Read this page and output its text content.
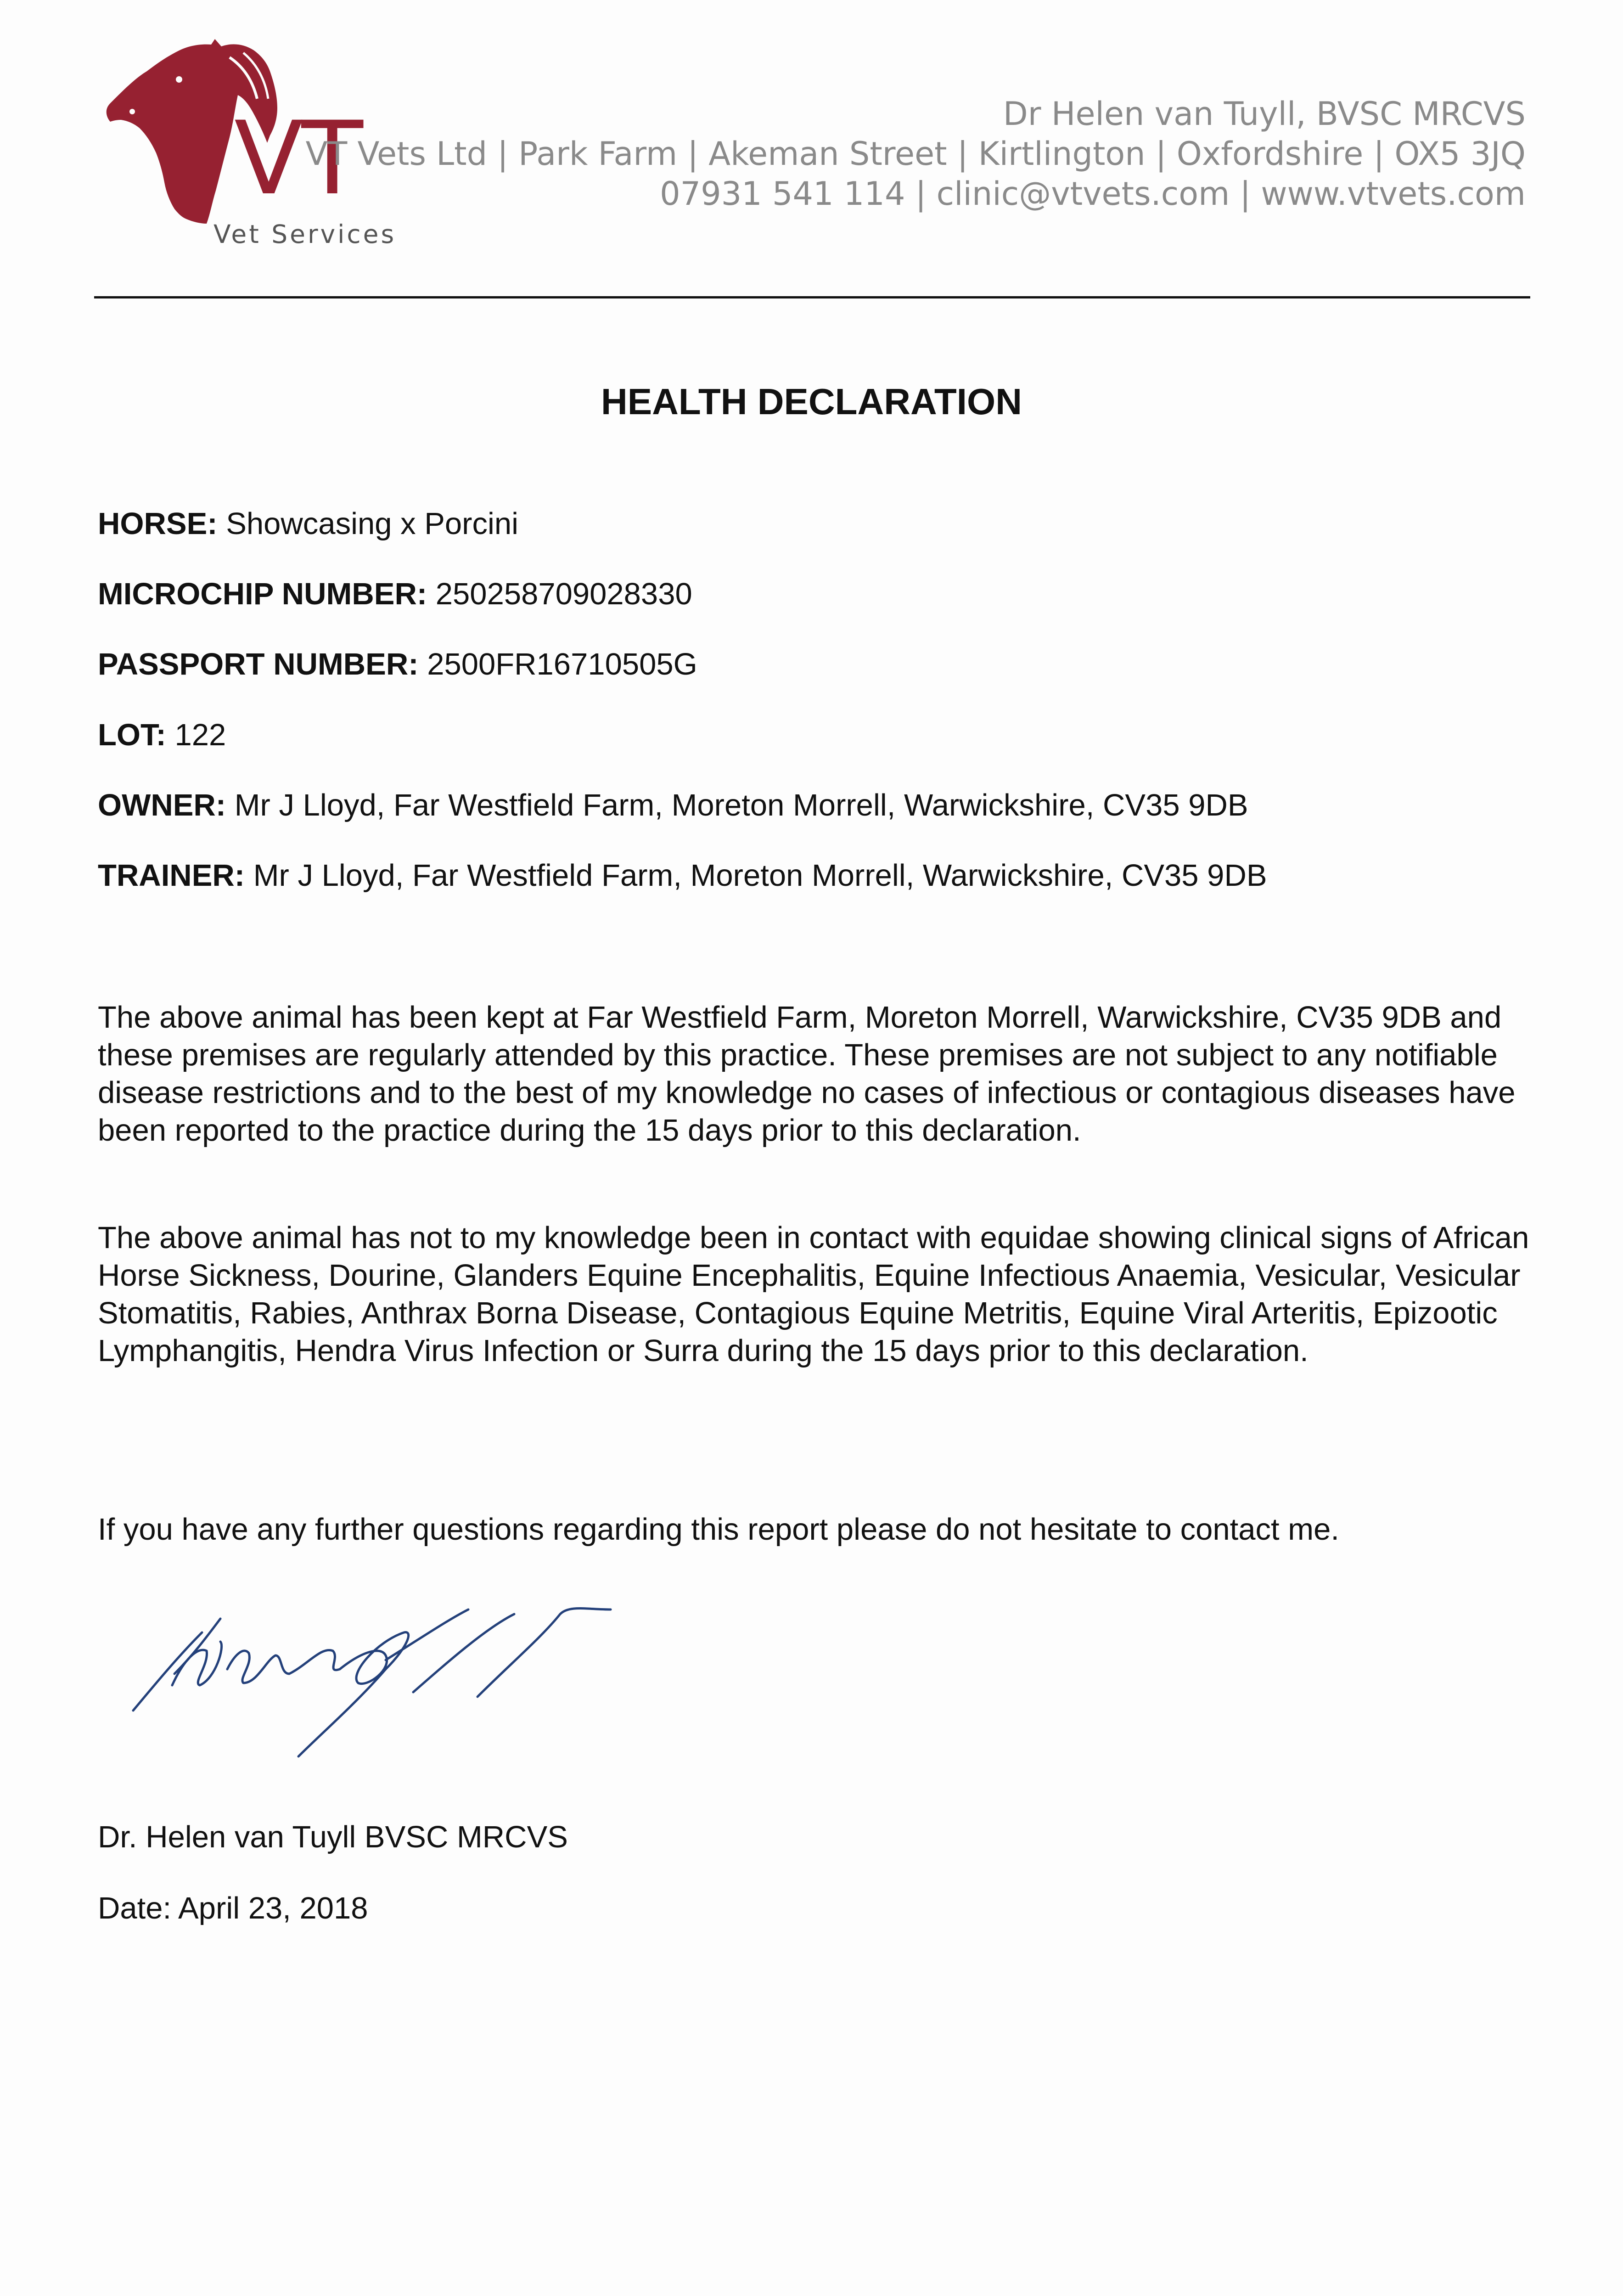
VT
Vet Services
Dr Helen van Tuyll, BVSC MRCVS
VT Vets Ltd | Park Farm | Akeman Street | Kirtlington | Oxfordshire | OX5 3JQ
07931 541 114 | clinic@vtvets.com | www.vtvets.com
HEALTH DECLARATION
HORSE: Showcasing x Porcini
MICROCHIP NUMBER: 250258709028330
PASSPORT NUMBER: 2500FR16710505G
LOT: 122
OWNER: Mr J Lloyd, Far Westfield Farm, Moreton Morrell, Warwickshire, CV35 9DB
TRAINER: Mr J Lloyd, Far Westfield Farm, Moreton Morrell, Warwickshire, CV35 9DB
The above animal has been kept at Far Westfield Farm, Moreton Morrell, Warwickshire, CV35 9DB and these premises are regularly attended by this practice. These premises are not subject to any notifiable disease restrictions and to the best of my knowledge no cases of infectious or contagious diseases have been reported to the practice during the 15 days prior to this declaration.
The above animal has not to my knowledge been in contact with equidae showing clinical signs of African Horse Sickness, Dourine, Glanders Equine Encephalitis, Equine Infectious Anaemia, Vesicular, Vesicular Stomatitis, Rabies, Anthrax Borna Disease, Contagious Equine Metritis, Equine Viral Arteritis, Epizootic Lymphangitis, Hendra Virus Infection or Surra during the 15 days prior to this declaration.
If you have any further questions regarding this report please do not hesitate to contact me.
Dr. Helen van Tuyll BVSC MRCVS
Date: April 23, 2018
